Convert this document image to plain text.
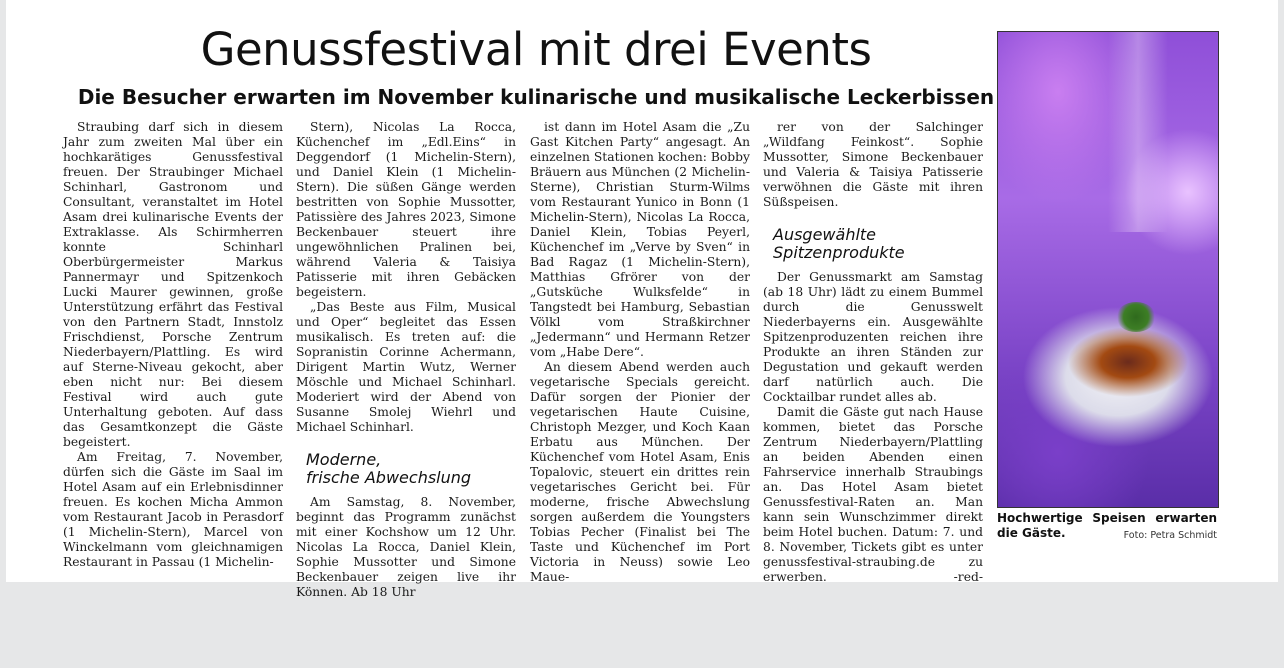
Genussfestival mit drei Events
Die Besucher erwarten im November kulinarische und musikalische Leckerbissen

Straubing darf sich in diesem Jahr zum zweiten Mal über ein hochkarätiges Genussfestival freuen. Der Straubinger Michael Schinharl, Gastronom und Consultant, veranstaltet im Hotel Asam drei kulinarische Events der Extraklasse. Als Schirmherren konnte Schinharl Oberbürgermeister Markus Pannermayr und Spitzenkoch Lucki Maurer gewinnen, große Unterstützung erfährt das Festival von den Partnern Stadt, Innstolz Frischdienst, Porsche Zentrum Niederbayern/Plattling. Es wird auf Sterne-Niveau gekocht, aber eben nicht nur: Bei diesem Festival wird auch gute Unterhaltung geboten. Auf dass das Gesamtkonzept die Gäste begeistert.

Am Freitag, 7. November, dürfen sich die Gäste im Saal im Hotel Asam auf ein Erlebnisdinner freuen. Es kochen Micha Ammon vom Restaurant Jacob in Perasdorf (1 Michelin-Stern), Marcel von Winckelmann vom gleichnamigen Restaurant in Passau (1 Michelin-

Stern), Nicolas La Rocca, Küchenchef im „Edl.Eins“ in Deggendorf (1 Michelin-Stern), und Daniel Klein (1 Michelin-Stern). Die süßen Gänge werden bestritten von Sophie Mussotter, Patissière des Jahres 2023, Simone Beckenbauer steuert ihre ungewöhnlichen Pralinen bei, während Valeria & Taisiya Patisserie mit ihren Gebäcken begeistern.

„Das Beste aus Film, Musical und Oper“ begleitet das Essen musikalisch. Es treten auf: die Sopranistin Corinne Achermann, Dirigent Martin Wutz, Werner Möschle und Michael Schinharl. Moderiert wird der Abend von Susanne Smolej Wiehrl und Michael Schinharl.

Moderne,
frische Abwechslung

Am Samstag, 8. November, beginnt das Programm zunächst mit einer Kochshow um 12 Uhr. Nicolas La Rocca, Daniel Klein, Sophie Mussotter und Simone Beckenbauer zeigen live ihr Können. Ab 18 Uhr

ist dann im Hotel Asam die „Zu Gast Kitchen Party“ angesagt. An einzelnen Stationen kochen: Bobby Bräuern aus München (2 Michelin-Sterne), Christian Sturm-Wilms vom Restaurant Yunico in Bonn (1 Michelin-Stern), Nicolas La Rocca, Daniel Klein, Tobias Peyerl, Küchenchef im „Verve by Sven“ in Bad Ragaz (1 Michelin-Stern), Matthias Gfrörer von der „Gutsküche Wulksfelde“ in Tangstedt bei Hamburg, Sebastian Völkl vom Straßkirchner „Jedermann“ und Hermann Retzer vom „Habe Dere“.

An diesem Abend werden auch vegetarische Specials gereicht. Dafür sorgen der Pionier der vegetarischen Haute Cuisine, Christoph Mezger, und Koch Kaan Erbatu aus München. Der Küchenchef vom Hotel Asam, Enis Topalovic, steuert ein drittes rein vegetarisches Gericht bei. Für moderne, frische Abwechslung sorgen außerdem die Youngsters Tobias Pecher (Finalist bei The Taste und Küchenchef im Port Victoria in Neuss) sowie Leo Maue-

rer von der Salchinger „Wildfang Feinkost“. Sophie Mussotter, Simone Beckenbauer und Valeria & Taisiya Patisserie verwöhnen die Gäste mit ihren Süßspeisen.

Ausgewählte
Spitzenprodukte

Der Genussmarkt am Samstag (ab 18 Uhr) lädt zu einem Bummel durch die Genusswelt Niederbayerns ein. Ausgewählte Spitzenproduzenten reichen ihre Produkte an ihren Ständen zur Degustation und gekauft werden darf natürlich auch. Die Cocktailbar rundet alles ab.

Damit die Gäste gut nach Hause kommen, bietet das Porsche Zentrum Niederbayern/Plattling an beiden Abenden einen Fahrservice innerhalb Straubings an. Das Hotel Asam bietet Genussfestival-Raten an. Man kann sein Wunschzimmer direkt beim Hotel buchen. Datum: 7. und 8. November, Tickets gibt es unter genussfestival-straubing.de zu erwerben.	-red-

Hochwertige Speisen erwarten die Gäste.	Foto: Petra Schmidt
